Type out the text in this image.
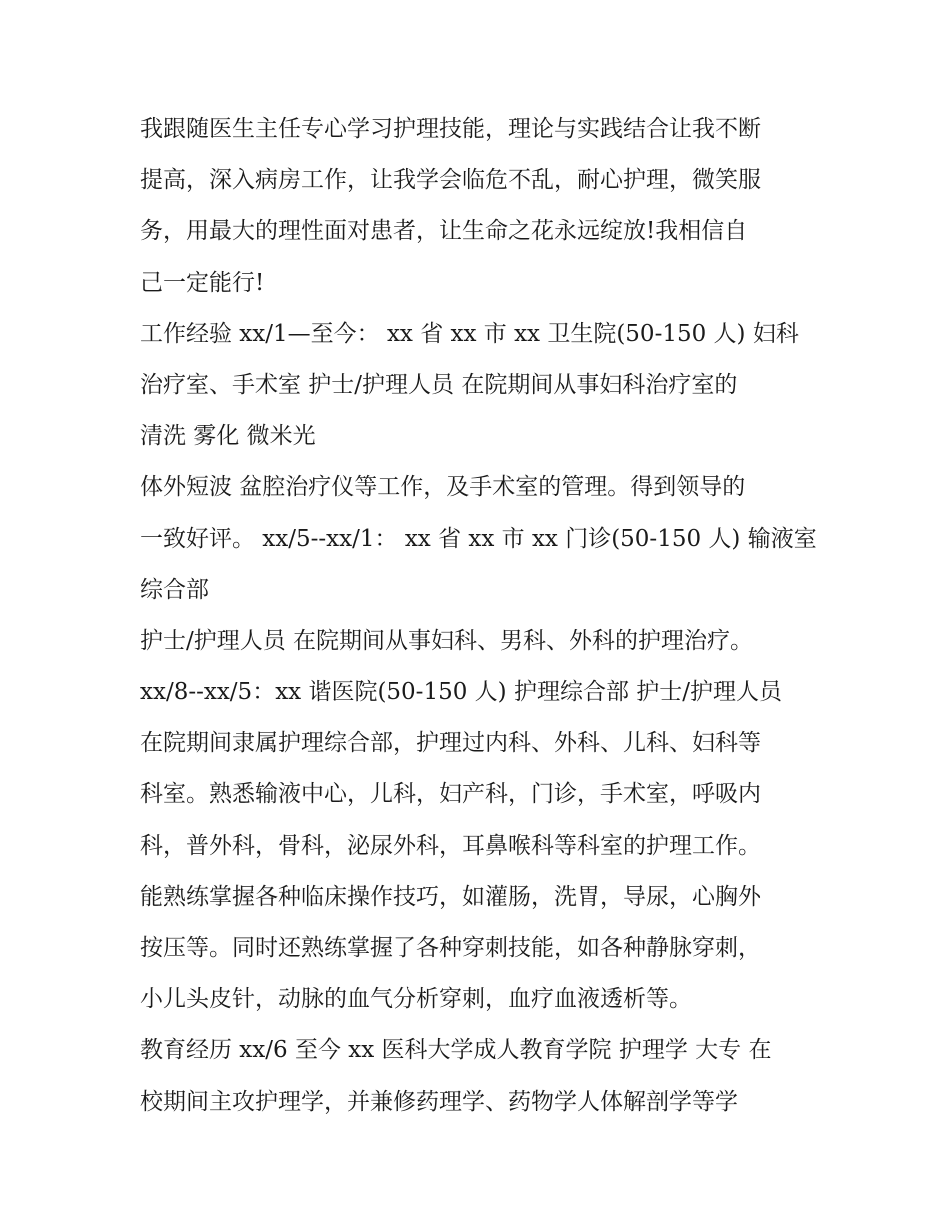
我跟随医生主任专心学习护理技能，理论与实践结合让我不断
提高，深入病房工作，让我学会临危不乱，耐心护理，微笑服
务，用最大的理性面对患者，让生命之花永远绽放!我相信自
己一定能行!
工作经验 xx/1—至今： xx 省 xx 市 xx 卫生院(50-150 人) 妇科
治疗室、手术室 护士/护理人员 在院期间从事妇科治疗室的
清洗 雾化 微米光
体外短波 盆腔治疗仪等工作，及手术室的管理。得到领导的
一致好评。 xx/5--xx/1： xx 省 xx 市 xx 门诊(50-150 人) 输液室
综合部
护士/护理人员 在院期间从事妇科、男科、外科的护理治疗。
xx/8--xx/5：xx 谐医院(50-150 人) 护理综合部 护士/护理人员
在院期间隶属护理综合部，护理过内科、外科、儿科、妇科等
科室。熟悉输液中心，儿科，妇产科，门诊，手术室，呼吸内
科，普外科，骨科，泌尿外科，耳鼻喉科等科室的护理工作。
能熟练掌握各种临床操作技巧，如灌肠，洗胃，导尿，心胸外
按压等。同时还熟练掌握了各种穿刺技能，如各种静脉穿刺，
小儿头皮针，动脉的血气分析穿刺，血疗血液透析等。
教育经历 xx/6 至今 xx 医科大学成人教育学院 护理学 大专 在
校期间主攻护理学，并兼修药理学、药物学人体解剖学等学
